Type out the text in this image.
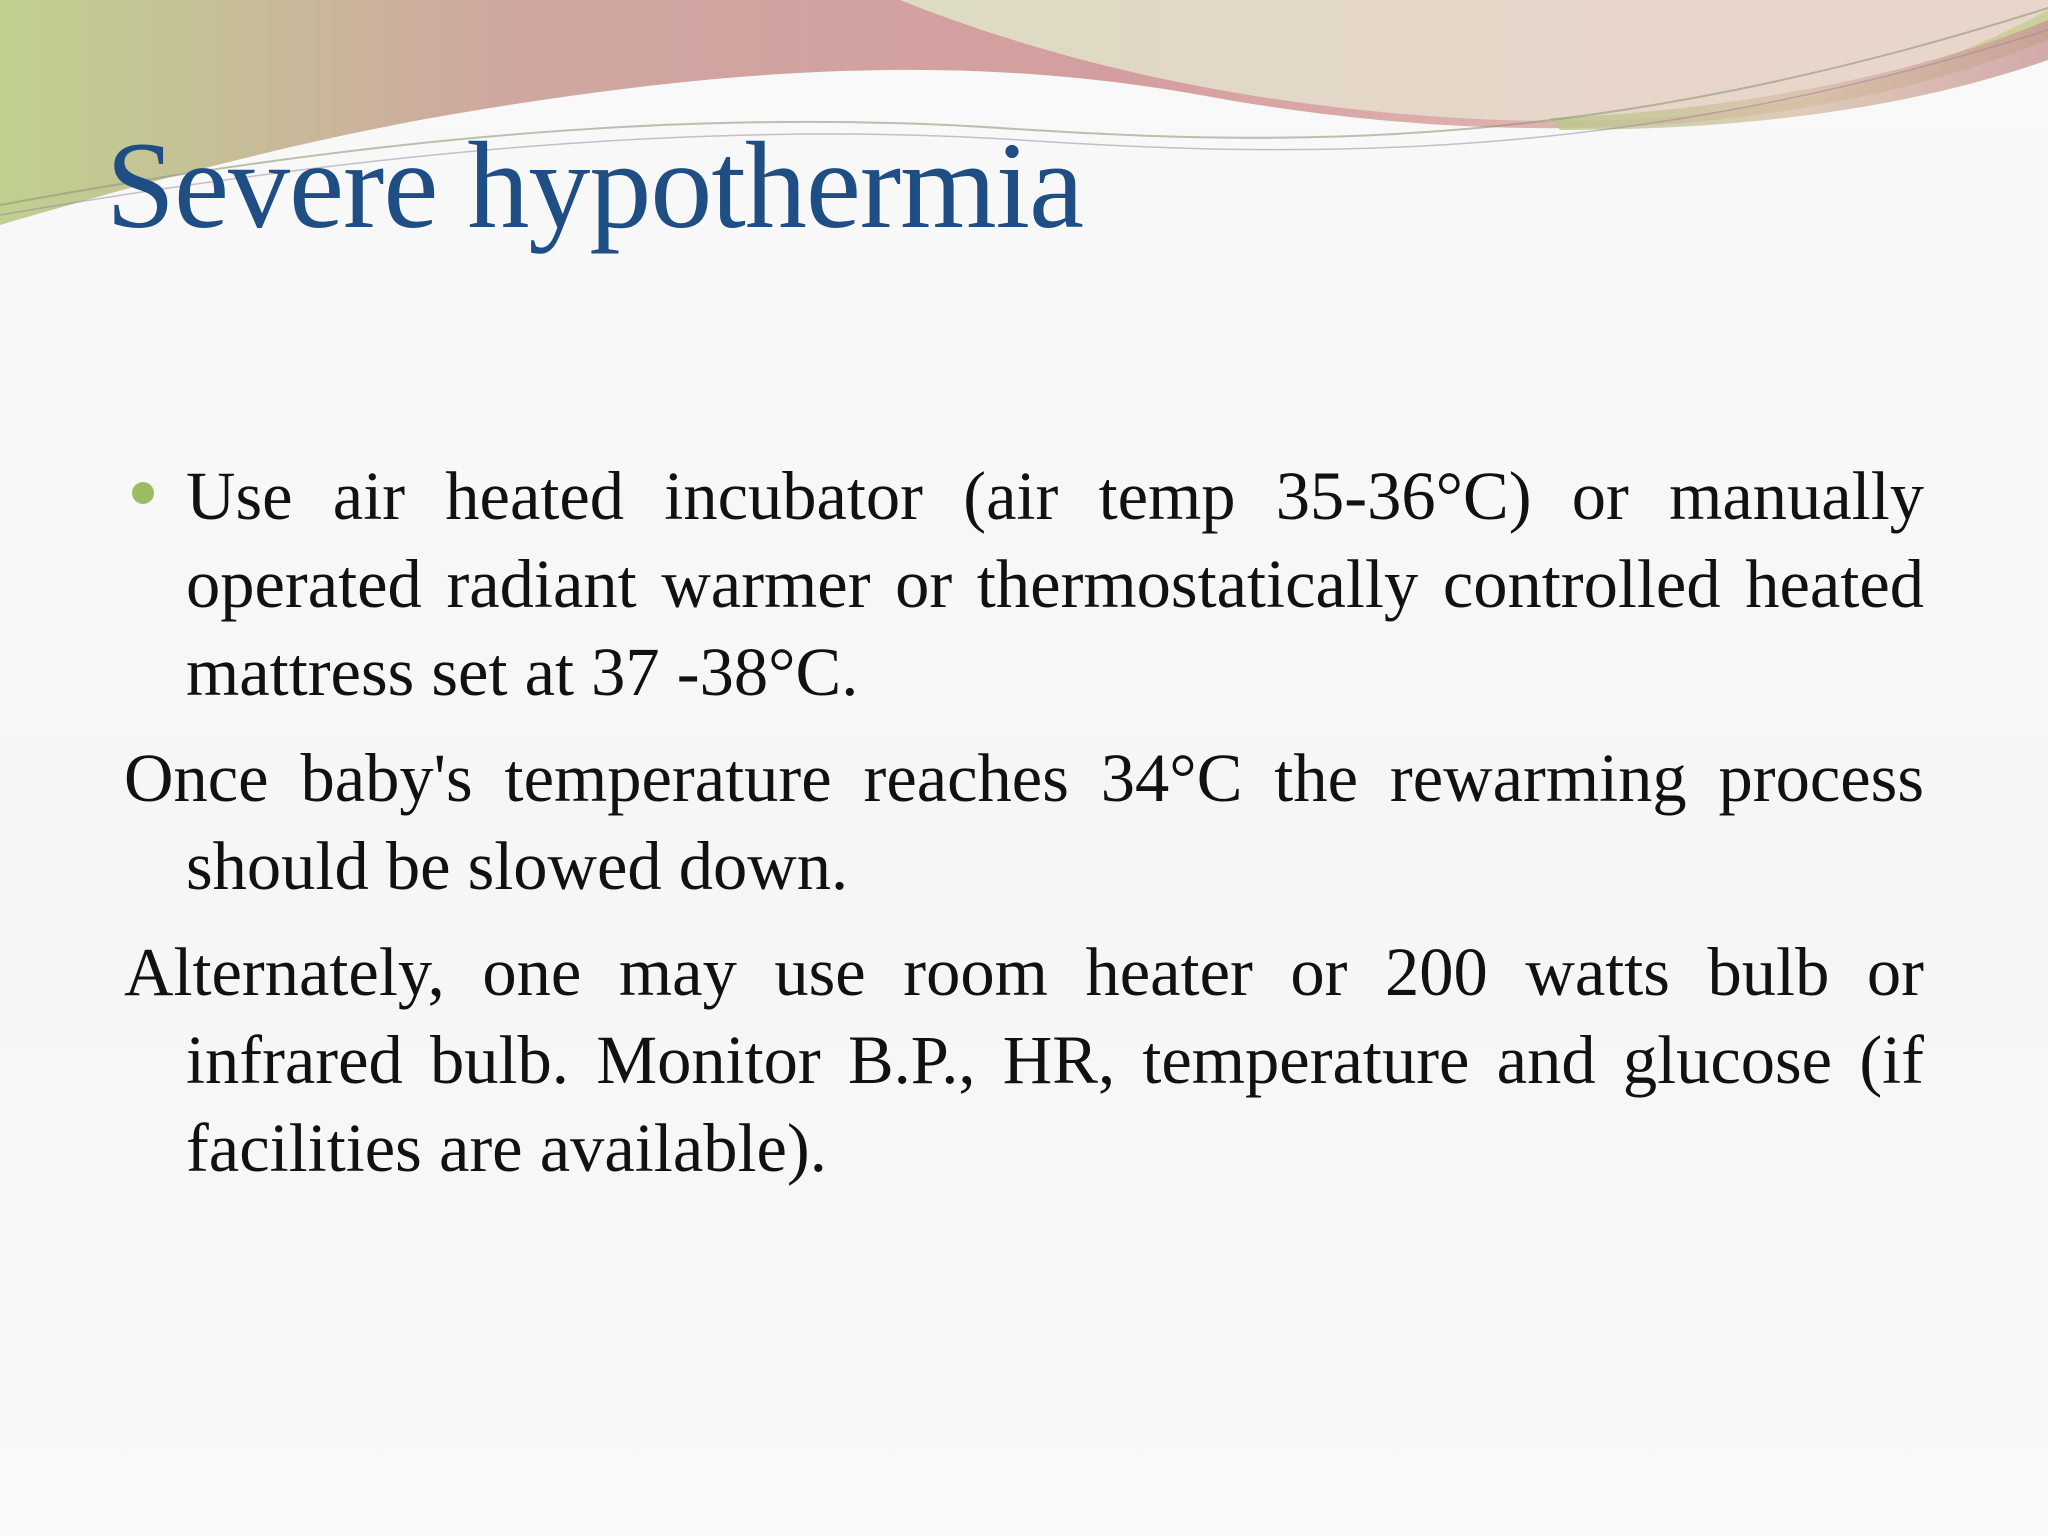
Severe hypothermia

Use air heated incubator (air temp 35-36°C) or manually operated radiant warmer or thermostatically controlled heated mattress set at 37 -38°C.

Once baby's temperature reaches 34°C the rewarming process should be slowed down.

Alternately, one may use room heater or 200 watts bulb or infrared bulb. Monitor B.P., HR, temperature and glucose (if facilities are available).
